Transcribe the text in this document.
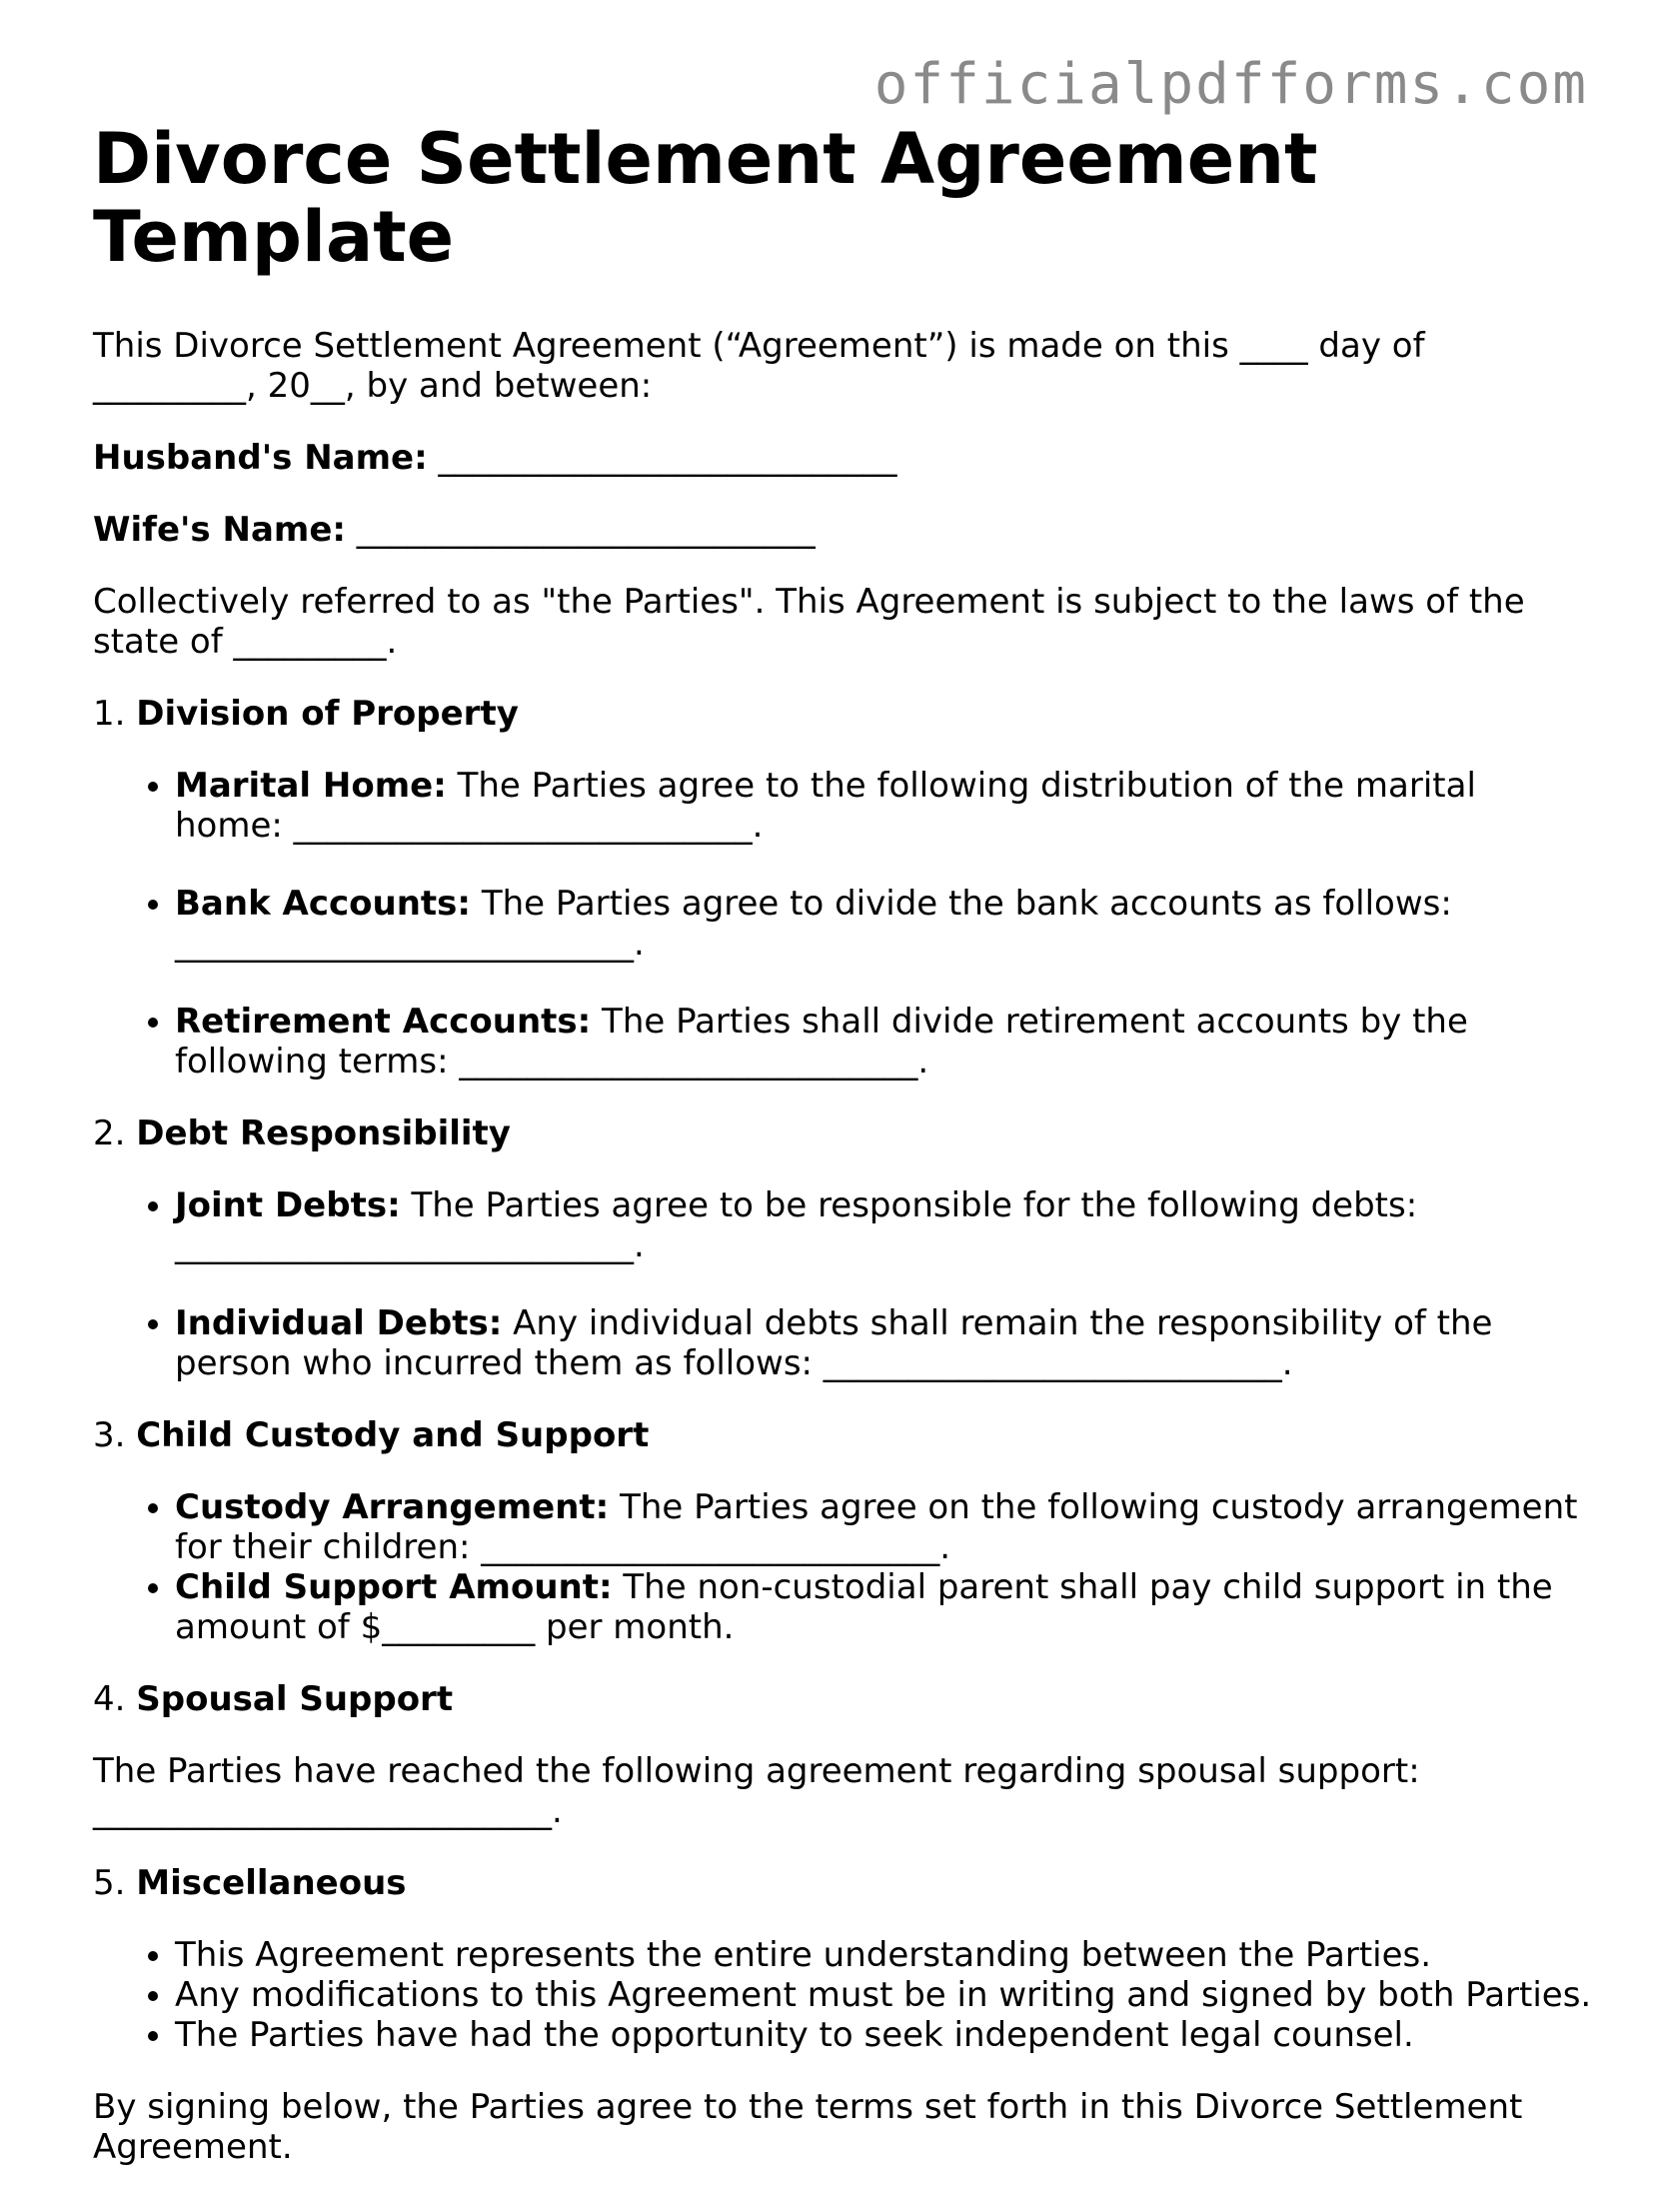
officialpdfforms.com
Divorce Settlement Agreement Template

This Divorce Settlement Agreement (“Agreement”) is made on this ____ day of _________, 20__, by and between:

Husband's Name: ___________________________

Wife's Name: ___________________________

Collectively referred to as "the Parties". This Agreement is subject to the laws of the state of _________.

1. Division of Property
• Marital Home: The Parties agree to the following distribution of the marital home: ___________________________.
• Bank Accounts: The Parties agree to divide the bank accounts as follows: ___________________________.
• Retirement Accounts: The Parties shall divide retirement accounts by the following terms: ___________________________.
2. Debt Responsibility
• Joint Debts: The Parties agree to be responsible for the following debts: ___________________________.
• Individual Debts: Any individual debts shall remain the responsibility of the person who incurred them as follows: ___________________________.
3. Child Custody and Support
• Custody Arrangement: The Parties agree on the following custody arrangement for their children: ___________________________.
• Child Support Amount: The non-custodial parent shall pay child support in the amount of $_________ per month.
4. Spousal Support

The Parties have reached the following agreement regarding spousal support: ___________________________.

5. Miscellaneous
• This Agreement represents the entire understanding between the Parties.
• Any modifications to this Agreement must be in writing and signed by both Parties.
• The Parties have had the opportunity to seek independent legal counsel.

By signing below, the Parties agree to the terms set forth in this Divorce Settlement Agreement.
